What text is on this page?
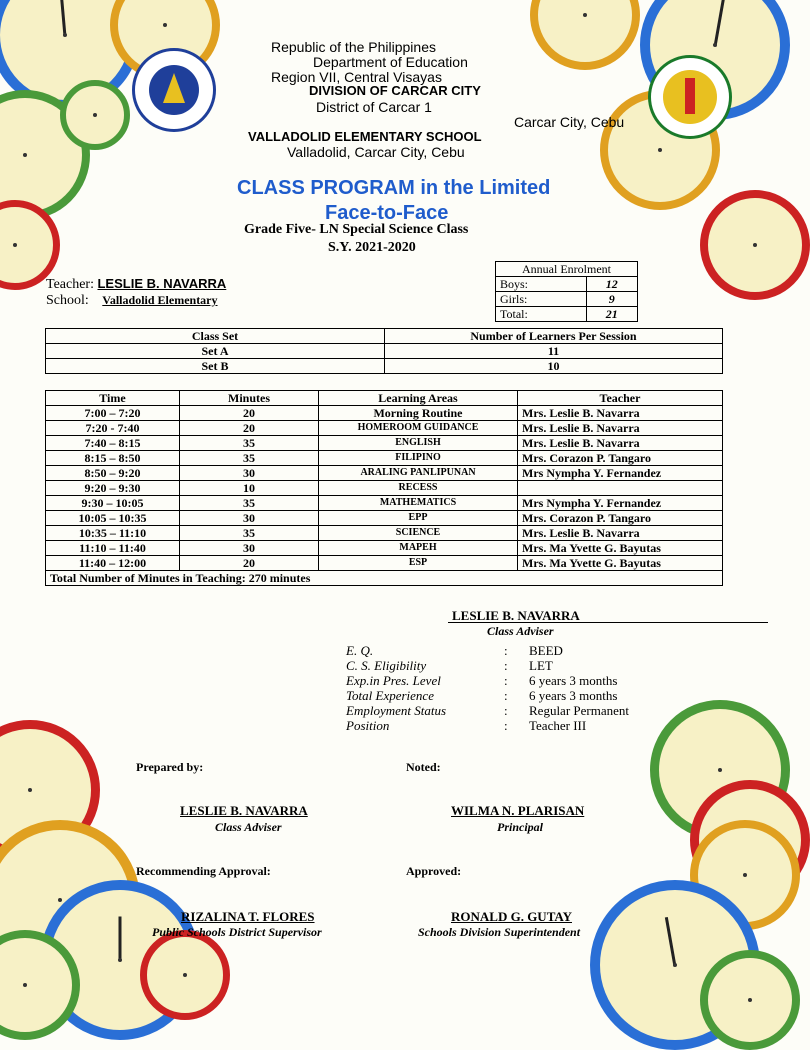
Republic of the Philippines
Department of Education
Region VII, Central Visayas
DIVISION OF CARCAR CITY
District of Carcar 1
Carcar City, Cebu
VALLADOLID ELEMENTARY SCHOOL
Valladolid, Carcar City, Cebu
CLASS PROGRAM in the Limited
Face-to-Face
Grade Five- LN Special Science Class
S.Y. 2021-2020
Teacher: LESLIE B. NAVARRA
School: Valladolid Elementary
Annual Enrolment	
Boys:	12
Girls:	9
Total:	21
Class Set	Number of Learners Per Session
Set A	11
Set B	10
Time	Minutes	Learning Areas	Teacher
7:00 – 7:20	20	Morning Routine	Mrs. Leslie B. Navarra
7:20 - 7:40	20	HOMEROOM GUIDANCE	Mrs. Leslie B. Navarra
7:40 – 8:15	35	ENGLISH	Mrs. Leslie B. Navarra
8:15 – 8:50	35	FILIPINO	Mrs. Corazon P. Tangaro
8:50 – 9:20	30	ARALING PANLIPUNAN	Mrs Nympha Y. Fernandez
9:20 – 9:30	10	RECESS	
9:30 – 10:05	35	MATHEMATICS	Mrs Nympha Y. Fernandez
10:05 – 10:35	30	EPP	Mrs. Corazon P. Tangaro
10:35 – 11:10	35	SCIENCE	Mrs. Leslie B. Navarra
11:10 – 11:40	30	MAPEH	Mrs. Ma Yvette G. Bayutas
11:40 – 12:00	20	ESP	Mrs. Ma Yvette G. Bayutas
Total Number of Minutes in Teaching: 270 minutes			
LESLIE B. NAVARRA
Class Adviser
E. Q.	: BEED
C. S. Eligibility	: LET
Exp.in Pres. Level	: 6 years 3 months
Total Experience	: 6 years 3 months
Employment Status	: Regular Permanent
Position	: Teacher III
Prepared by:	Noted:
LESLIE B. NAVARRA
Class Adviser
WILMA N. PLARISAN
Principal
Recommending Approval:	Approved:
RIZALINA T. FLORES
Public Schools District Supervisor
RONALD G. GUTAY
Schools Division Superintendent
